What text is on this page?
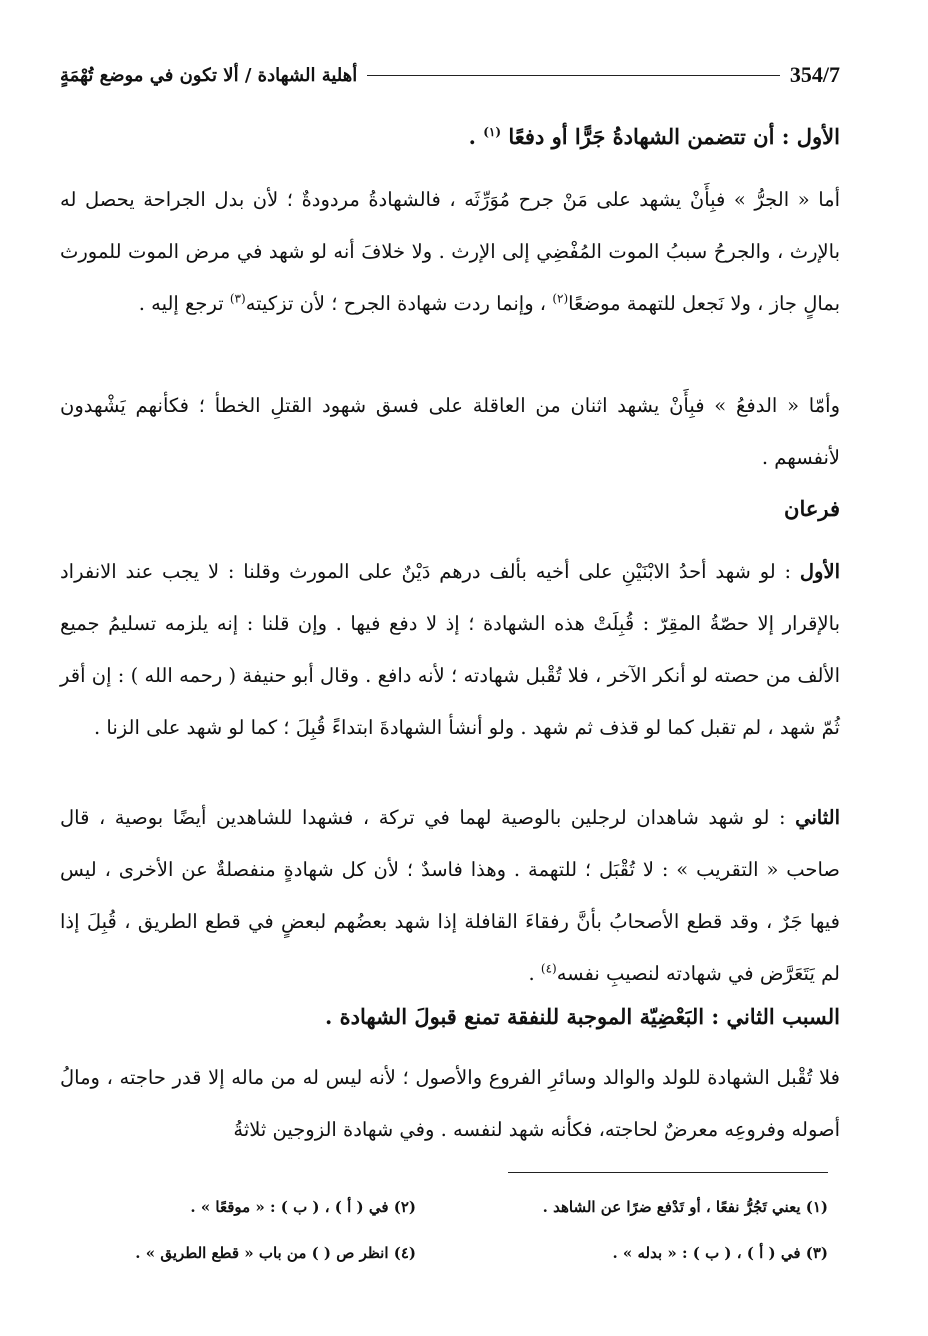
354/7
أهلية الشهادة / ألا تكون في موضع تُهْمَةٍ
الأول : أن تتضمن الشهادةُ جَرًّا أو دفعًا $^{(١)}$ .
أما « الجرُّ » فبِأَنْ يشهد على مَنْ جرح مُوَرِّثَه ، فالشهادةُ مردودةٌ ؛ لأن بدل الجراحة يحصل له بالإرث ، والجرحُ سببُ الموت المُفْضِي إلى الإرث . ولا خلافَ أنه لو شهد في مرض الموت للمورث بمالٍ جاز ، ولا نَجعل للتهمة موضعًا$^{(٢)}$ ، وإنما ردت شهادة الجرح ؛ لأن تزكيته$^{(٣)}$ ترجع إليه .
وأمّا « الدفعُ » فبِأَنْ يشهد اثنان من العاقلة على فسق شهود القتلِ الخطأ ؛ فكأنهم يَشْهدون لأنفسهم .
فرعان
الأول : لو شهد أحدُ الابْنَيْنِ على أخيه بألف درهم دَيْنٌ على المورث وقلنا : لا يجب عند الانفراد بالإقرار إلا حصّةُ المقِرّ : قُبِلَتْ هذه الشهادة ؛ إذ لا دفع فيها . وإن قلنا : إنه يلزمه تسليمُ جميع الألف من حصته لو أنكر الآخر ، فلا تُقْبل شهادته ؛ لأنه دافع . وقال أبو حنيفة ( رحمه الله ) : إن أقر ثُمّ شهد ، لم تقبل كما لو قذف ثم شهد . ولو أنشأ الشهادةَ ابتداءً قُبِلَ ؛ كما لو شهد على الزنا .
الثاني : لو شهد شاهدان لرجلين بالوصية لهما في تركة ، فشهدا للشاهدين أيضًا بوصية ، قال صاحب « التقريب » : لا تُقْبَل ؛ للتهمة . وهذا فاسدٌ ؛ لأن كل شهادةٍ منفصلةٌ عن الأخرى ، ليس فيها جَرٌ ، وقد قطع الأصحابُ بأنَّ رفقاءَ القافلة إذا شهد بعضُهم لبعضٍ في قطع الطريق ، قُبِلَ إذا لم يَتَعَرَّض في شهادته لنصيبِ نفسه$^{(٤)}$ .
السبب الثاني : البَعْضِيّة الموجبة للنفقة تمنع قبولَ الشهادة .
فلا تُقْبل الشهادة للولد والوالد وسائرِ الفروع والأصول ؛ لأنه ليس له من ماله إلا قدر حاجته ، ومالُ أصوله وفروعِه معرضٌ لحاجته، فكأنه شهد لنفسه . وفي شهادة الزوجين ثلاثةُ
(١) يعني تَجُرُّ نفعًا ، أو تَدْفع ضرًا عن الشاهد .
(٢) في ( أ ) ، ( ب ) : « موقعًا » .
(٣) في ( أ ) ، ( ب ) : « بدله » .
(٤) انظر ص ( ) من باب « قطع الطريق » .
